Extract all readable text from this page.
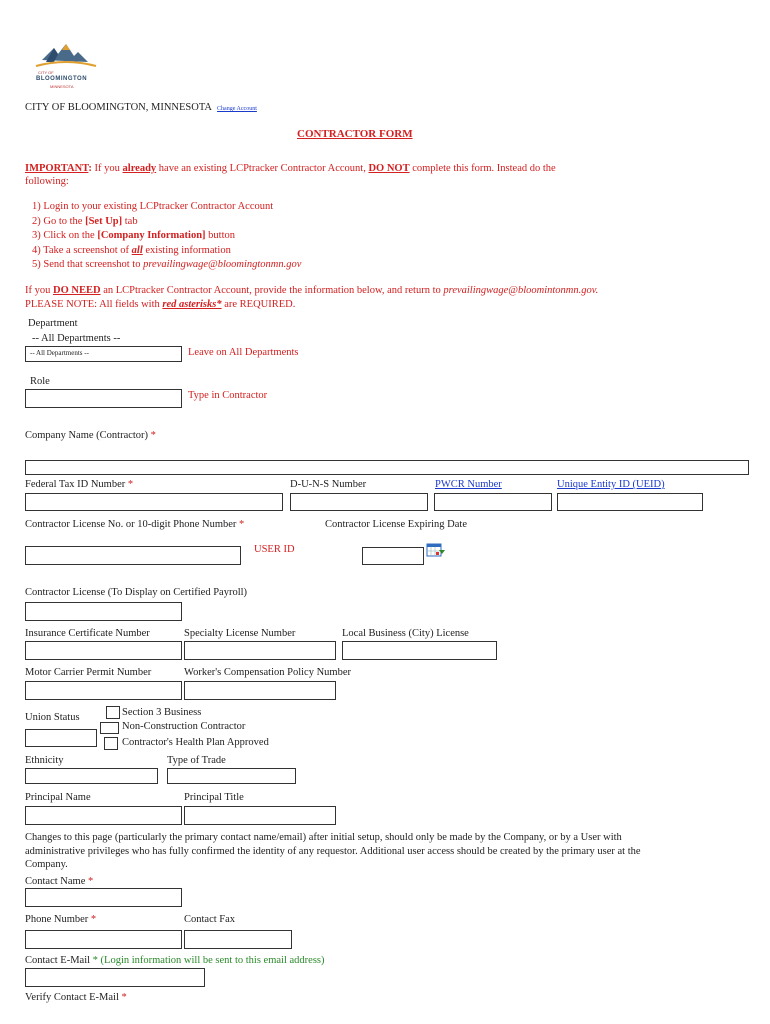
CITY OF
BLOOMINGTON
MINNESOTA
CITY OF BLOOMINGTON, MINNESOTA Change Account
CONTRACTOR FORM
IMPORTANT: If you already have an existing LCPtracker Contractor Account, DO NOT complete this form. Instead do the
following:
1) Login to your existing LCPtracker Contractor Account
2) Go to the [Set Up] tab
3) Click on the [Company Information] button
4) Take a screenshot of all existing information
5) Send that screenshot to prevailingwage@bloomingtonmn.gov
If you DO NEED an LCPtracker Contractor Account, provide the information below, and return to prevailingwage@bloomintonmn.gov.
PLEASE NOTE: All fields with red asterisks* are REQUIRED.
Department
-- All Departments --
-- All Departments --	Leave on All Departments
Role
Type in Contractor
Company Name (Contractor) *
Federal Tax ID Number *	D-U-N-S Number	PWCR Number	Unique Entity ID (UEID)
Contractor License No. or 10-digit Phone Number *	Contractor License Expiring Date
USER ID
Contractor License (To Display on Certified Payroll)
Insurance Certificate Number	Specialty License Number	Local Business (City) License
Motor Carrier Permit Number	Worker's Compensation Policy Number
Union Status	Section 3 Business
Non-Construction Contractor
Contractor's Health Plan Approved
Ethnicity	Type of Trade
Principal Name	Principal Title
Changes to this page (particularly the primary contact name/email) after initial setup, should only be made by the Company, or by a User with
administrative privileges who has fully confirmed the identity of any requestor. Additional user access should be created by the primary user at the
Company.
Contact Name *
Phone Number *	Contact Fax
Contact E-Mail * (Login information will be sent to this email address)
Verify Contact E-Mail *
